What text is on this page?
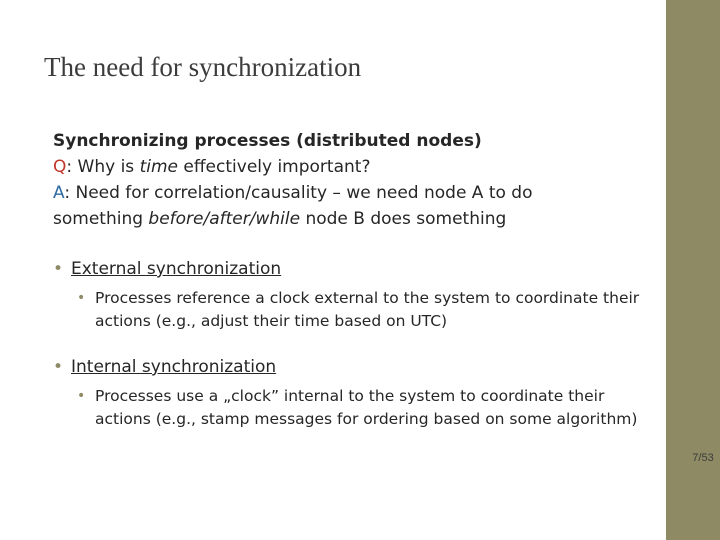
The need for synchronization
Synchronizing processes (distributed nodes)
Q: Why is time effectively important?
A: Need for correlation/causality – we need node A to do
something before/after/while node B does something
• External synchronization
• Processes reference a clock external to the system to coordinate their actions (e.g., adjust their time based on UTC)
• Internal synchronization
• Processes use a „clock” internal to the system to coordinate their actions (e.g., stamp messages for ordering based on some algorithm)
7/53
